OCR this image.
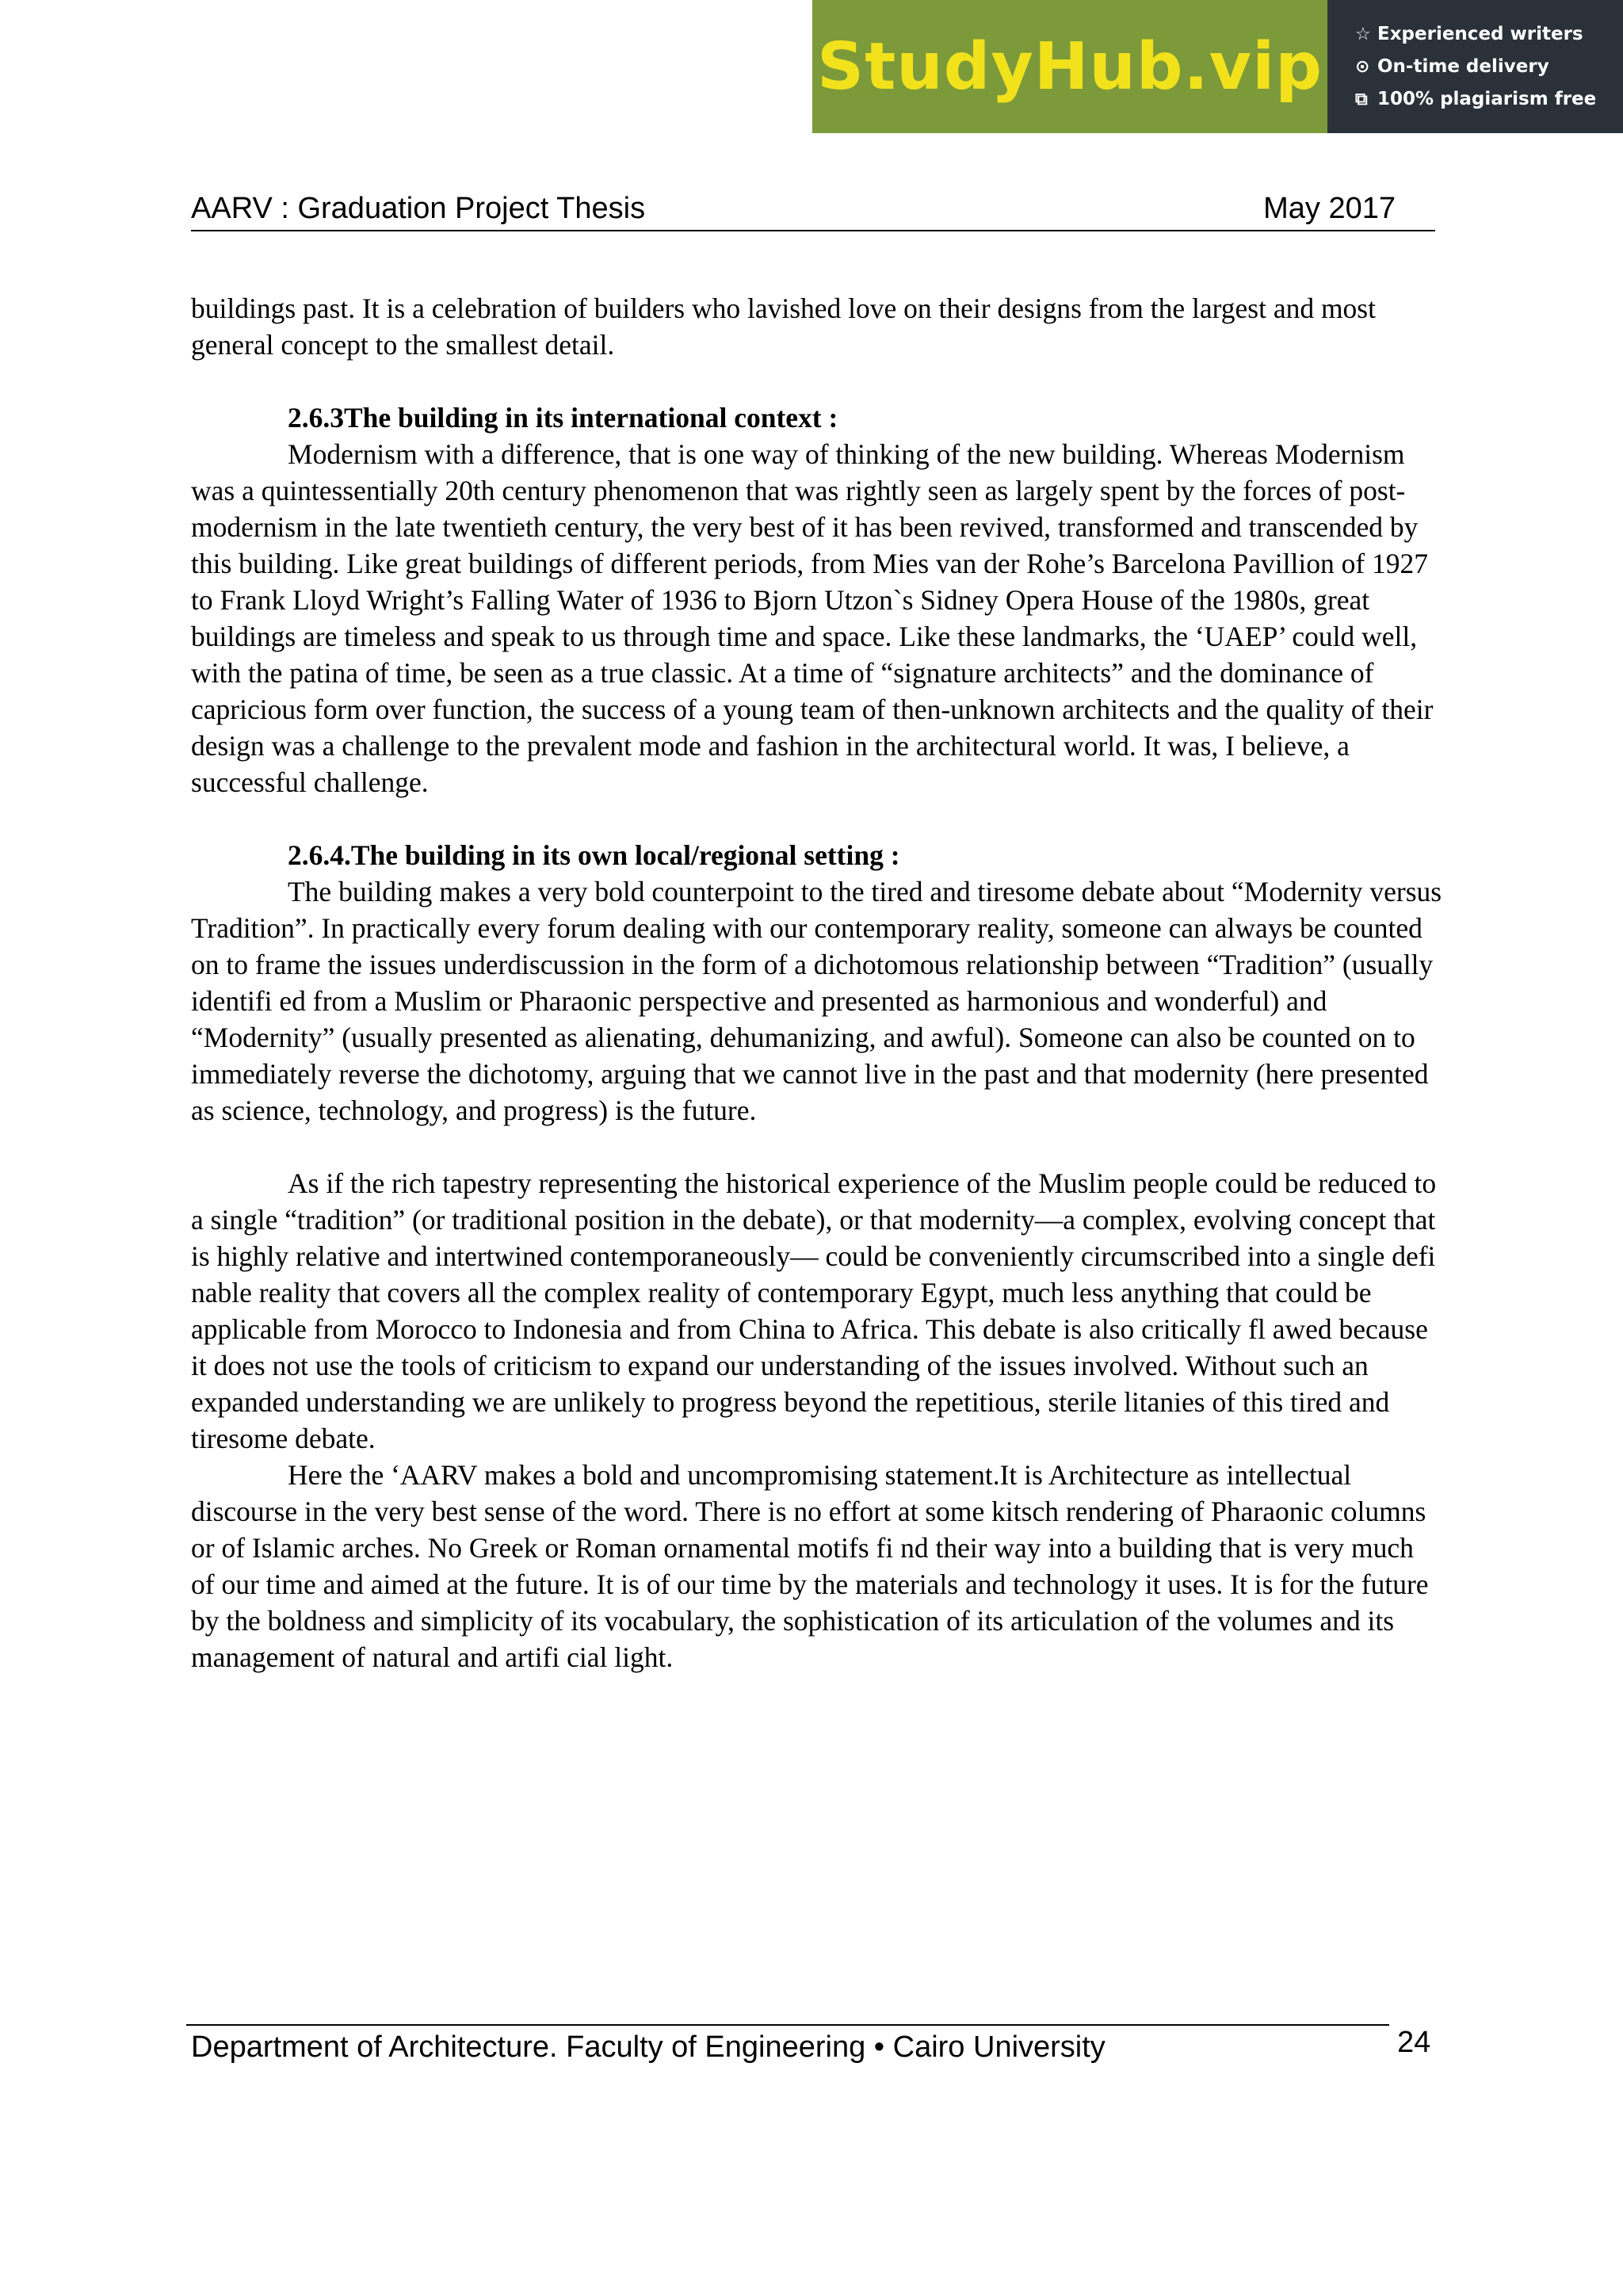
StudyHub.vip ☆ Experienced writers
⊙ On-time delivery
⧉ 100% plagiarism free
AARV : Graduation Project Thesis	May 2017

buildings past. It is a celebration of builders who lavished love on their designs from the largest and most general concept to the smallest detail.

2.6.3The building in its international context :

Modernism with a difference, that is one way of thinking of the new building. Whereas Modernism was a quintessentially 20th century phenomenon that was rightly seen as largely spent by the forces of post-modernism in the late twentieth century, the very best of it has been revived, transformed and transcended by this building. Like great buildings of different periods, from Mies van der Rohe’s Barcelona Pavillion of 1927 to Frank Lloyd Wright’s Falling Water of 1936 to Bjorn Utzon`s Sidney Opera House of the 1980s, great buildings are timeless and speak to us through time and space. Like these landmarks, the ‘UAEP’ could well, with the patina of time, be seen as a true classic. At a time of “signature architects” and the dominance of capricious form over function, the success of a young team of then-unknown architects and the quality of their design was a challenge to the prevalent mode and fashion in the architectural world. It was, I believe, a successful challenge.

2.6.4.The building in its own local/regional setting :

The building makes a very bold counterpoint to the tired and tiresome debate about “Modernity versus Tradition”. In practically every forum dealing with our contemporary reality, someone can always be counted on to frame the issues underdiscussion in the form of a dichotomous relationship between “Tradition” (usually identifi ed from a Muslim or Pharaonic perspective and presented as harmonious and wonderful) and “Modernity” (usually presented as alienating, dehumanizing, and awful). Someone can also be counted on to immediately reverse the dichotomy, arguing that we cannot live in the past and that modernity (here presented as science, technology, and progress) is the future.

As if the rich tapestry representing the historical experience of the Muslim people could be reduced to a single “tradition” (or traditional position in the debate), or that modernity—a complex, evolving concept that is highly relative and intertwined contemporaneously— could be conveniently circumscribed into a single defi nable reality that covers all the complex reality of contemporary Egypt, much less anything that could be applicable from Morocco to Indonesia and from China to Africa. This debate is also critically fl awed because it does not use the tools of criticism to expand our understanding of the issues involved. Without such an expanded understanding we are unlikely to progress beyond the repetitious, sterile litanies of this tired and tiresome debate.

Here the ‘AARV makes a bold and uncompromising statement.It is Architecture as intellectual discourse in the very best sense of the word. There is no effort at some kitsch rendering of Pharaonic columns or of Islamic arches. No Greek or Roman ornamental motifs fi nd their way into a building that is very much of our time and aimed at the future. It is of our time by the materials and technology it uses. It is for the future by the boldness and simplicity of its vocabulary, the sophistication of its articulation of the volumes and its management of natural and artifi cial light.

Department of Architecture. Faculty of Engineering • Cairo University	24
